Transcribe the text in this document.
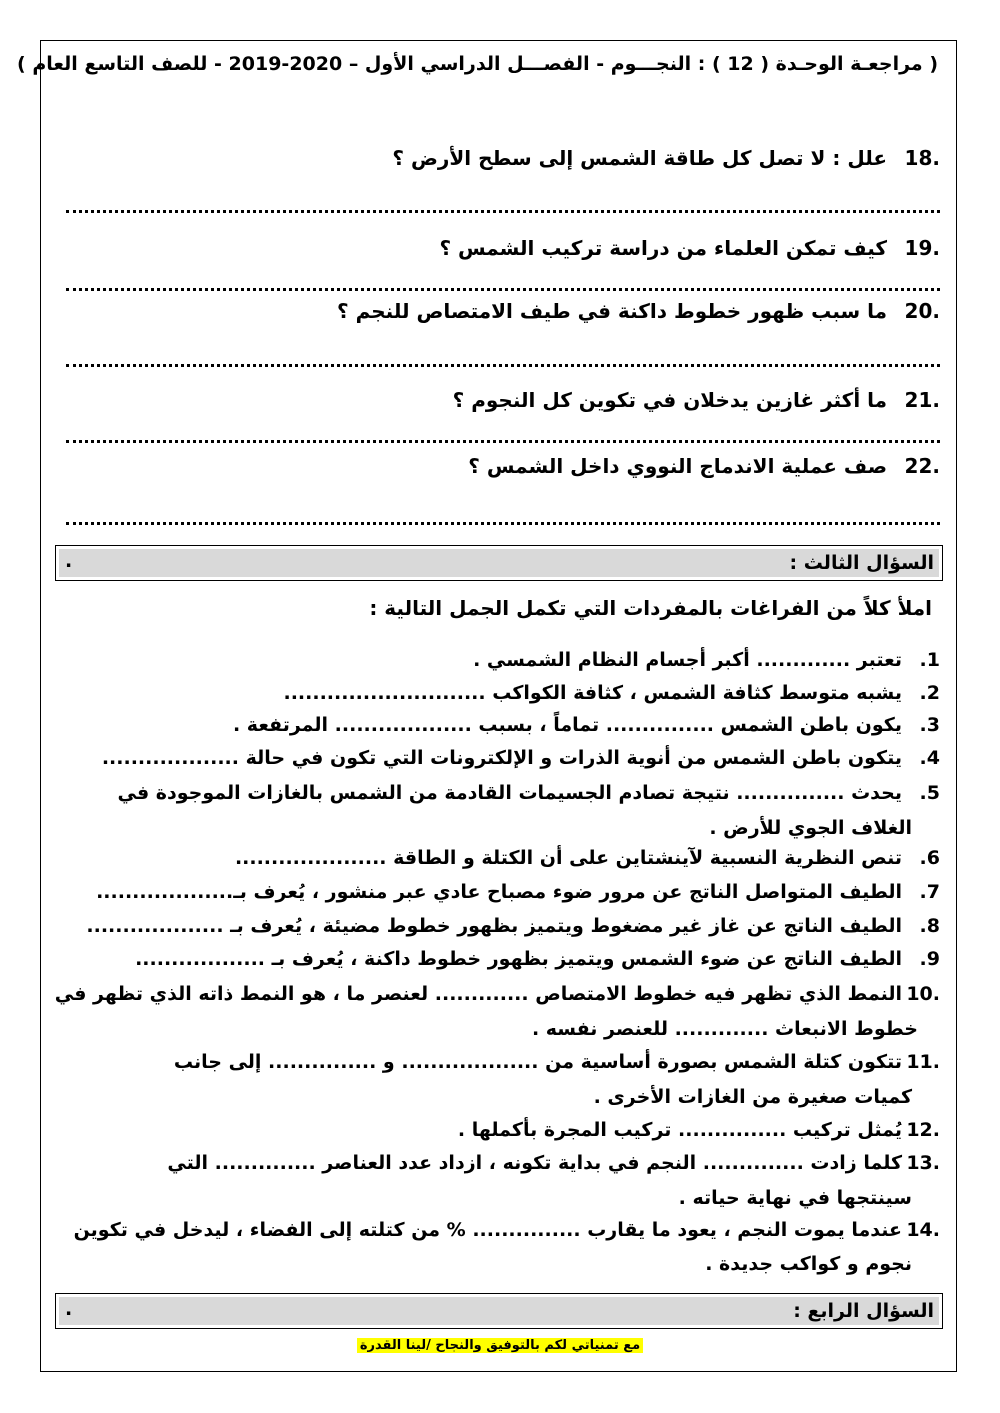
( مراجعـة الوحـدة ( 12 ) : النجـــوم - الفصـــل الدراسي الأول – 2020-2019 - للصف التاسع العام )
.18 علل : لا تصل كل طاقة الشمس إلى سطح الأرض ؟
.19 كيف تمكن العلماء من دراسة تركيب الشمس ؟
.20 ما سبب ظهور خطوط داكنة في طيف الامتصاص للنجم ؟
.21 ما أكثر غازين يدخلان في تكوين كل النجوم ؟
.22 صف عملية الاندماج النووي داخل الشمس ؟
السؤال الثالث :
.
املأ كلاً من الفراغات بالمفردات التي تكمل الجمل التالية :
1.تعتبر ............. أكبر أجسام النظام الشمسي .
2.يشبه متوسط كثافة الشمس ، كثافة الكواكب ............................
3.يكون باطن الشمس ............... تماماً ، بسبب ................... المرتفعة .
4.يتكون باطن الشمس من أنوية الذرات و الإلكترونات التي تكون في حالة ...................
5.يحدث ............... نتيجة تصادم الجسيمات القادمة من الشمس بالغازات الموجودة في
الغلاف الجوي للأرض .
6.تنص النظرية النسبية لآينشتاين على أن الكتلة و الطاقة .....................
7.الطيف المتواصل الناتج عن مرور ضوء مصباح عادي عبر منشور ، يُعرف بـ...................
8.الطيف الناتج عن غاز غير مضغوط ويتميز بظهور خطوط مضيئة ، يُعرف بـ ...................
9.الطيف الناتج عن ضوء الشمس ويتميز بظهور خطوط داكنة ، يُعرف بـ ..................
.10النمط الذي تظهر فيه خطوط الامتصاص ............. لعنصر ما ، هو النمط ذاته الذي تظهر في
خطوط الانبعاث ............. للعنصر نفسه .
.11تتكون كتلة الشمس بصورة أساسية من ................... و ............... إلى جانب
كميات صغيرة من الغازات الأخرى .
.12يُمثل تركيب ............... تركيب المجرة بأكملها .
.13كلما زادت .............. النجم في بداية تكونه ، ازداد عدد العناصر .............. التي
سينتجها في نهاية حياته .
.14عندما يموت النجم ، يعود ما يقارب ............... % من كتلته إلى الفضاء ، ليدخل في تكوين
نجوم و كواكب جديدة .
السؤال الرابع :
.
مع تمنياتي لكم بالتوفيق والنجاح /لينا القدرة
